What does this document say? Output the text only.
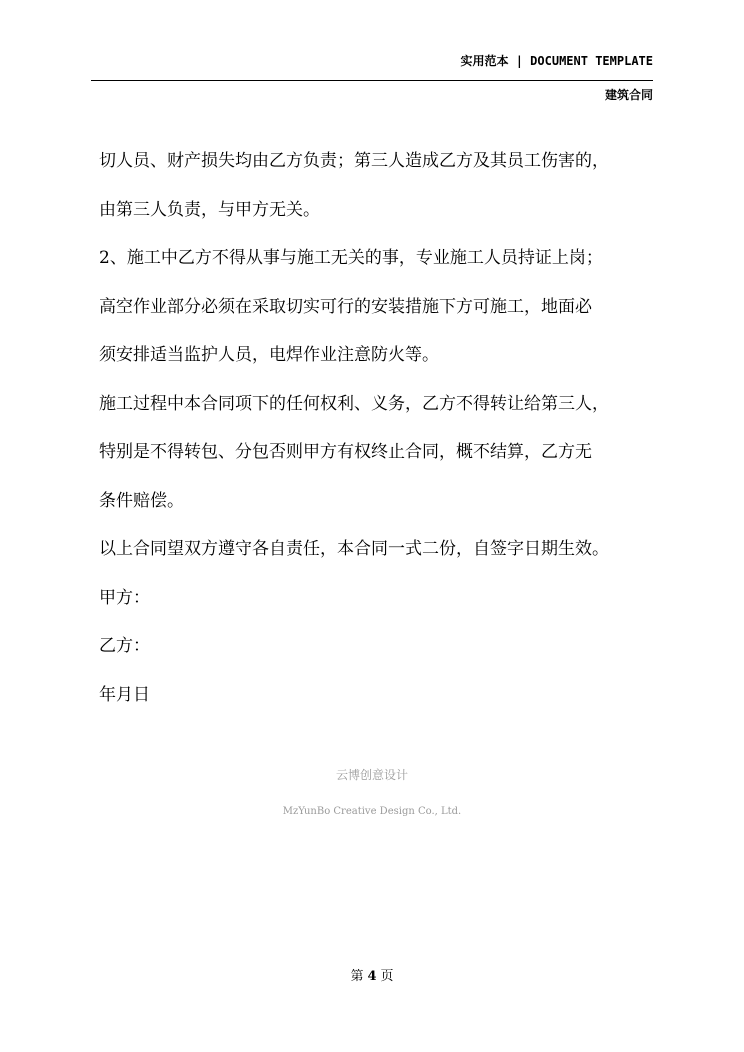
实用范本 | DOCUMENT TEMPLATE
建筑合同

切人员、财产损失均由乙方负责；第三人造成乙方及其员工伤害的，

由第三人负责，与甲方无关。

2、施工中乙方不得从事与施工无关的事，专业施工人员持证上岗；

高空作业部分必须在采取切实可行的安装措施下方可施工，地面必

须安排适当监护人员，电焊作业注意防火等。

施工过程中本合同项下的任何权利、义务，乙方不得转让给第三人，

特别是不得转包、分包否则甲方有权终止合同，概不结算，乙方无

条件赔偿。

以上合同望双方遵守各自责任，本合同一式二份，自签字日期生效。

甲方：

乙方：

年月日

云博创意设计
MzYunBo Creative Design Co., Ltd.
第 4 页
